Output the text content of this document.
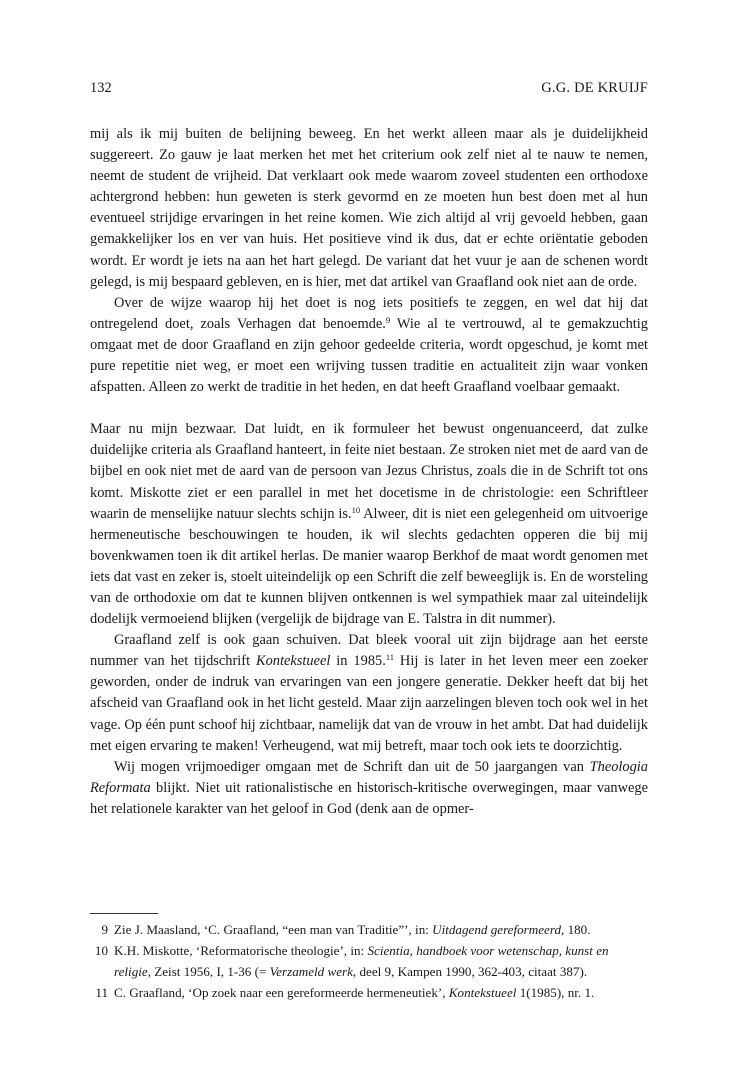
132	G.G. DE KRUIJF

mij als ik mij buiten de belijning beweeg. En het werkt alleen maar als je duidelijkheid suggereert. Zo gauw je laat merken het met het criterium ook zelf niet al te nauw te nemen, neemt de student de vrijheid. Dat verklaart ook mede waarom zoveel studenten een orthodoxe achtergrond hebben: hun geweten is sterk gevormd en ze moeten hun best doen met al hun eventueel strijdige ervaringen in het reine komen. Wie zich altijd al vrij gevoeld hebben, gaan gemakkelijker los en ver van huis. Het positieve vind ik dus, dat er echte oriëntatie geboden wordt. Er wordt je iets na aan het hart gelegd. De variant dat het vuur je aan de schenen wordt gelegd, is mij bespaard gebleven, en is hier, met dat artikel van Graafland ook niet aan de orde.

Over de wijze waarop hij het doet is nog iets positiefs te zeggen, en wel dat hij dat ontregelend doet, zoals Verhagen dat benoemde.$^9$ Wie al te vertrouwd, al te gemakzuchtig omgaat met de door Graafland en zijn gehoor gedeelde criteria, wordt opgeschud, je komt met pure repetitie niet weg, er moet een wrijving tussen traditie en actualiteit zijn waar vonken afspatten. Alleen zo werkt de traditie in het heden, en dat heeft Graafland voelbaar gemaakt.

Maar nu mijn bezwaar. Dat luidt, en ik formuleer het bewust ongenuanceerd, dat zulke duidelijke criteria als Graafland hanteert, in feite niet bestaan. Ze stroken niet met de aard van de bijbel en ook niet met de aard van de persoon van Jezus Christus, zoals die in de Schrift tot ons komt. Miskotte ziet er een parallel in met het docetisme in de christologie: een Schriftleer waarin de menselijke natuur slechts schijn is.$^{10}$ Alweer, dit is niet een gelegenheid om uitvoerige hermeneutische beschouwingen te houden, ik wil slechts gedachten opperen die bij mij bovenkwamen toen ik dit artikel herlas. De manier waarop Berkhof de maat wordt genomen met iets dat vast en zeker is, stoelt uiteindelijk op een Schrift die zelf beweeglijk is. En de worsteling van de orthodoxie om dat te kunnen blijven ontkennen is wel sympathiek maar zal uiteindelijk dodelijk vermoeiend blijken (vergelijk de bijdrage van E. Talstra in dit nummer).

Graafland zelf is ook gaan schuiven. Dat bleek vooral uit zijn bijdrage aan het eerste nummer van het tijdschrift Kontekstueel in 1985.11 Hij is later in het leven meer een zoeker geworden, onder de indruk van ervaringen van een jongere generatie. Dekker heeft dat bij het afscheid van Graafland ook in het licht gesteld. Maar zijn aarzelingen bleven toch ook wel in het vage. Op één punt schoof hij zichtbaar, namelijk dat van de vrouw in het ambt. Dat had duidelijk met eigen ervaring te maken! Verheugend, wat mij betreft, maar toch ook iets te doorzichtig.

Wij mogen vrijmoediger omgaan met de Schrift dan uit de 50 jaargangen van Theologia Reformata blijkt. Niet uit rationalistische en historisch-kritische overwegingen, maar vanwege het relationele karakter van het geloof in God (denk aan de opmer-

9 Zie J. Maasland, ‘C. Graafland, “een man van Traditie”’, in: Uitdagend gereformeerd, 180.
10 K.H. Miskotte, ‘Reformatorische theologie’, in: Scientia, handboek voor wetenschap, kunst en religie, Zeist 1956, I, 1-36 (= Verzameld werk, deel 9, Kampen 1990, 362-403, citaat 387).
11 C. Graafland, ‘Op zoek naar een gereformeerde hermeneutiek’, Kontekstueel 1(1985), nr. 1.
